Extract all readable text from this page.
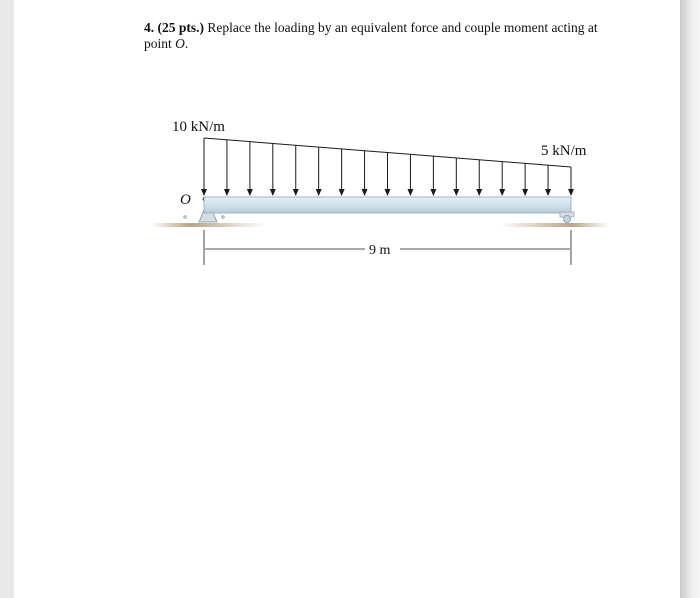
4. (25 pts.) Replace the loading by an equivalent force and couple moment acting at point O.
10 kN/m
5 kN/m
O
9 m
